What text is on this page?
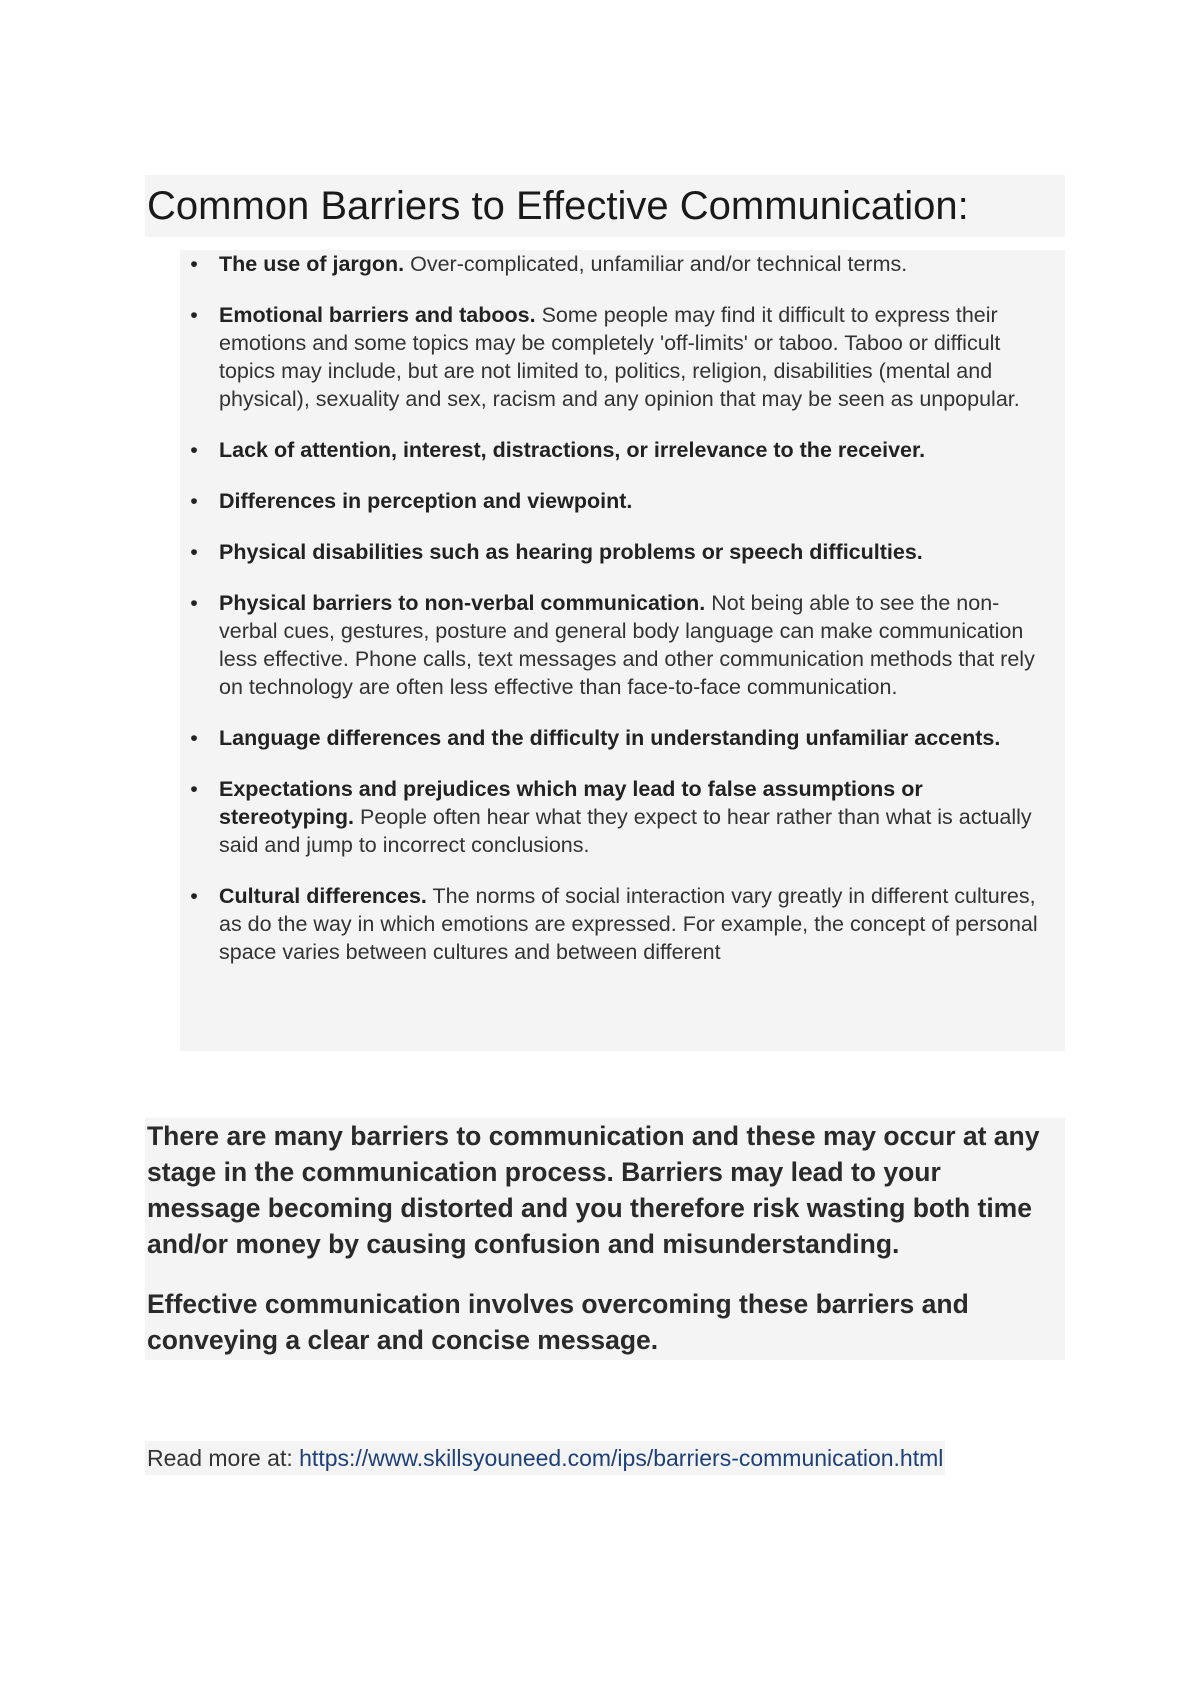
Common Barriers to Effective Communication:
• The use of jargon. Over-complicated, unfamiliar and/or technical terms.
• Emotional barriers and taboos. Some people may find it difficult to express their emotions and some topics may be completely 'off-limits' or taboo. Taboo or difficult topics may include, but are not limited to, politics, religion, disabilities (mental and physical), sexuality and sex, racism and any opinion that may be seen as unpopular.
• Lack of attention, interest, distractions, or irrelevance to the receiver.
• Differences in perception and viewpoint.
• Physical disabilities such as hearing problems or speech difficulties.
• Physical barriers to non-verbal communication. Not being able to see the non-verbal cues, gestures, posture and general body language can make communication less effective. Phone calls, text messages and other communication methods that rely on technology are often less effective than face-to-face communication.
• Language differences and the difficulty in understanding unfamiliar accents.
• Expectations and prejudices which may lead to false assumptions or stereotyping. People often hear what they expect to hear rather than what is actually said and jump to incorrect conclusions.
• Cultural differences. The norms of social interaction vary greatly in different cultures, as do the way in which emotions are expressed. For example, the concept of personal space varies between cultures and between different

There are many barriers to communication and these may occur at any stage in the communication process. Barriers may lead to your message becoming distorted and you therefore risk wasting both time and/or money by causing confusion and misunderstanding.

Effective communication involves overcoming these barriers and conveying a clear and concise message.

Read more at: https://www.skillsyouneed.com/ips/barriers-communication.html
